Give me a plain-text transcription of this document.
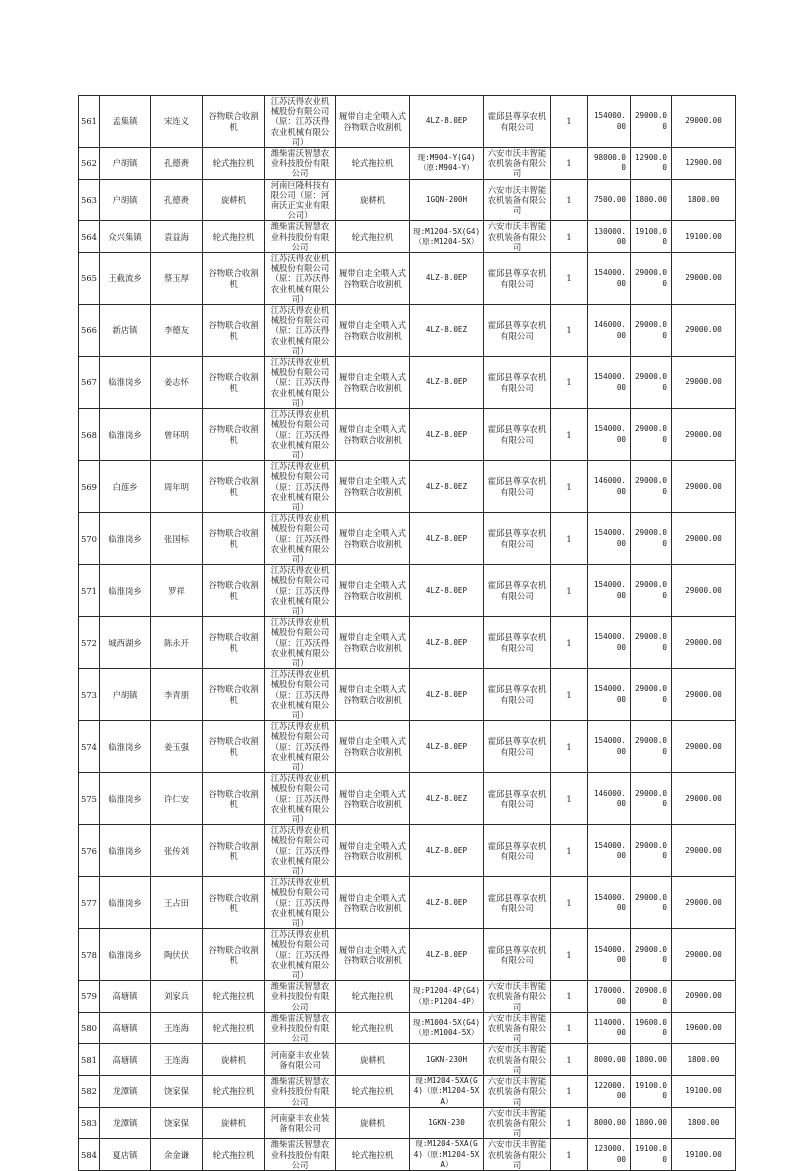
561	孟集镇	宋连义	谷物联合收割机	江苏沃得农业机械股份有限公司（原：江苏沃得农业机械有限公司）	履带自走全喂入式谷物联合收割机	4LZ-8.0EP	霍邱县尊享农机有限公司	1	154000.00	29000.00	29000.00
562	户胡镇	孔德赉	轮式拖拉机	潍柴雷沃智慧农业科技股份有限公司	轮式拖拉机	现:M904-Y(G4)（原:M904-Y）	六安市沃丰智能农机装备有限公司	1	98000.00	12900.00	12900.00
563	户胡镇	孔德赉	旋耕机	河南巨隆科技有限公司（原：河南沃正实业有限公司）	旋耕机	1GQN-200H	六安市沃丰智能农机装备有限公司	1	7500.00	1800.00	1800.00
564	众兴集镇	袁益海	轮式拖拉机	潍柴雷沃智慧农业科技股份有限公司	轮式拖拉机	现:M1204-5X(G4)（原:M1204-5X）	六安市沃丰智能农机装备有限公司	1	130000.00	19100.00	19100.00
565	王截流乡	蔡玉厚	谷物联合收割机	江苏沃得农业机械股份有限公司（原：江苏沃得农业机械有限公司）	履带自走全喂入式谷物联合收割机	4LZ-8.0EP	霍邱县尊享农机有限公司	1	154000.00	29000.00	29000.00
566	新店镇	李德友	谷物联合收割机	江苏沃得农业机械股份有限公司（原：江苏沃得农业机械有限公司）	履带自走全喂入式谷物联合收割机	4LZ-8.0EZ	霍邱县尊享农机有限公司	1	146000.00	29000.00	29000.00
567	临淮岗乡	姜志怀	谷物联合收割机	江苏沃得农业机械股份有限公司（原：江苏沃得农业机械有限公司）	履带自走全喂入式谷物联合收割机	4LZ-8.0EP	霍邱县尊享农机有限公司	1	154000.00	29000.00	29000.00
568	临淮岗乡	曾环明	谷物联合收割机	江苏沃得农业机械股份有限公司（原：江苏沃得农业机械有限公司）	履带自走全喂入式谷物联合收割机	4LZ-8.0EP	霍邱县尊享农机有限公司	1	154000.00	29000.00	29000.00
569	白莲乡	周年明	谷物联合收割机	江苏沃得农业机械股份有限公司（原：江苏沃得农业机械有限公司）	履带自走全喂入式谷物联合收割机	4LZ-8.0EZ	霍邱县尊享农机有限公司	1	146000.00	29000.00	29000.00
570	临淮岗乡	张国标	谷物联合收割机	江苏沃得农业机械股份有限公司（原：江苏沃得农业机械有限公司）	履带自走全喂入式谷物联合收割机	4LZ-8.0EP	霍邱县尊享农机有限公司	1	154000.00	29000.00	29000.00
571	临淮岗乡	罗祥	谷物联合收割机	江苏沃得农业机械股份有限公司（原：江苏沃得农业机械有限公司）	履带自走全喂入式谷物联合收割机	4LZ-8.0EP	霍邱县尊享农机有限公司	1	154000.00	29000.00	29000.00
572	城西湖乡	陈永开	谷物联合收割机	江苏沃得农业机械股份有限公司（原：江苏沃得农业机械有限公司）	履带自走全喂入式谷物联合收割机	4LZ-8.0EP	霍邱县尊享农机有限公司	1	154000.00	29000.00	29000.00
573	户胡镇	李青朋	谷物联合收割机	江苏沃得农业机械股份有限公司（原：江苏沃得农业机械有限公司）	履带自走全喂入式谷物联合收割机	4LZ-8.0EP	霍邱县尊享农机有限公司	1	154000.00	29000.00	29000.00
574	临淮岗乡	姜玉强	谷物联合收割机	江苏沃得农业机械股份有限公司（原：江苏沃得农业机械有限公司）	履带自走全喂入式谷物联合收割机	4LZ-8.0EP	霍邱县尊享农机有限公司	1	154000.00	29000.00	29000.00
575	临淮岗乡	许仁安	谷物联合收割机	江苏沃得农业机械股份有限公司（原：江苏沃得农业机械有限公司）	履带自走全喂入式谷物联合收割机	4LZ-8.0EZ	霍邱县尊享农机有限公司	1	146000.00	29000.00	29000.00
576	临淮岗乡	张传刘	谷物联合收割机	江苏沃得农业机械股份有限公司（原：江苏沃得农业机械有限公司）	履带自走全喂入式谷物联合收割机	4LZ-8.0EP	霍邱县尊享农机有限公司	1	154000.00	29000.00	29000.00
577	临淮岗乡	王占田	谷物联合收割机	江苏沃得农业机械股份有限公司（原：江苏沃得农业机械有限公司）	履带自走全喂入式谷物联合收割机	4LZ-8.0EP	霍邱县尊享农机有限公司	1	154000.00	29000.00	29000.00
578	临淮岗乡	陶伏伏	谷物联合收割机	江苏沃得农业机械股份有限公司（原：江苏沃得农业机械有限公司）	履带自走全喂入式谷物联合收割机	4LZ-8.0EP	霍邱县尊享农机有限公司	1	154000.00	29000.00	29000.00
579	高塘镇	刘家兵	轮式拖拉机	潍柴雷沃智慧农业科技股份有限公司	轮式拖拉机	现:P1204-4P(G4)（原:P1204-4P）	六安市沃丰智能农机装备有限公司	1	170000.00	20900.00	20900.00
580	高塘镇	王连海	轮式拖拉机	潍柴雷沃智慧农业科技股份有限公司	轮式拖拉机	现:M1004-5X(G4)（原:M1004-5X）	六安市沃丰智能农机装备有限公司	1	114000.00	19600.00	19600.00
581	高塘镇	王连海	旋耕机	河南豪丰农业装备有限公司	旋耕机	1GKN-230H	六安市沃丰智能农机装备有限公司	1	8000.00	1800.00	1800.00
582	龙潭镇	饶家保	轮式拖拉机	潍柴雷沃智慧农业科技股份有限公司	轮式拖拉机	现:M1204-5XA(G4)（原:M1204-5XA）	六安市沃丰智能农机装备有限公司	1	122000.00	19100.00	19100.00
583	龙潭镇	饶家保	旋耕机	河南豪丰农业装备有限公司	旋耕机	1GKN-230	六安市沃丰智能农机装备有限公司	1	8000.00	1800.00	1800.00
584	夏店镇	余金谦	轮式拖拉机	潍柴雷沃智慧农业科技股份有限公司	轮式拖拉机	现:M1204-5XA(G4)（原:M1204-5XA）	六安市沃丰智能农机装备有限公司	1	123000.00	19100.00	19100.00
